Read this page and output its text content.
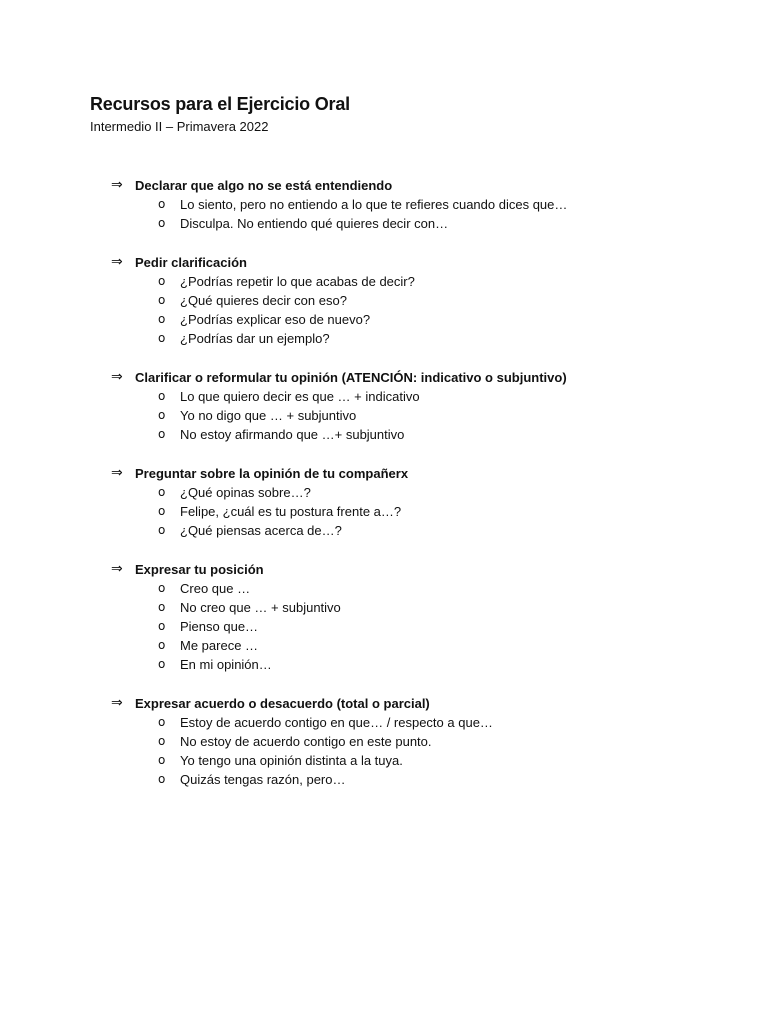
Recursos para el Ejercicio Oral
Intermedio II – Primavera 2022
⇒ Declarar que algo no se está entendiendo
o Lo siento, pero no entiendo a lo que te refieres cuando dices que…
o Disculpa. No entiendo qué quieres decir con…
⇒ Pedir clarificación
o ¿Podrías repetir lo que acabas de decir?
o ¿Qué quieres decir con eso?
o ¿Podrías explicar eso de nuevo?
o ¿Podrías dar un ejemplo?
⇒ Clarificar o reformular tu opinión (ATENCIÓN: indicativo o subjuntivo)
o Lo que quiero decir es que … + indicativo
o Yo no digo que … + subjuntivo
o No estoy afirmando que …+ subjuntivo
⇒ Preguntar sobre la opinión de tu compañerx
o ¿Qué opinas sobre…?
o Felipe, ¿cuál es tu postura frente a…?
o ¿Qué piensas acerca de…?
⇒ Expresar tu posición
o Creo que …
o No creo que … + subjuntivo
o Pienso que…
o Me parece …
o En mi opinión…
⇒ Expresar acuerdo o desacuerdo (total o parcial)
o Estoy de acuerdo contigo en que… / respecto a que…
o No estoy de acuerdo contigo en este punto.
o Yo tengo una opinión distinta a la tuya.
o Quizás tengas razón, pero…
